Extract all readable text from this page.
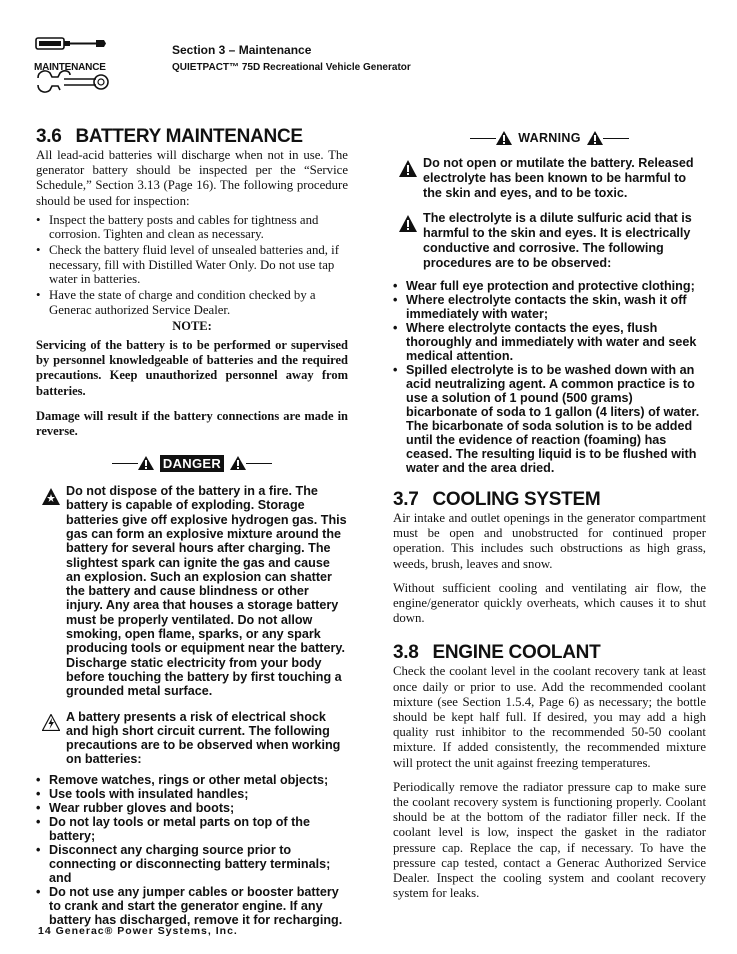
MAINTENANCE
Section 3 – Maintenance
QUIETPACT™ 75D Recreational Vehicle Generator
3.6 BATTERY MAINTENANCE

All lead-acid batteries will discharge when not in use. The generator battery should be inspected per the “Service Schedule,” Section 3.13 (Page 16). The following procedure should be used for inspection:

• Inspect the battery posts and cables for tightness and corrosion. Tighten and clean as necessary.
• Check the battery fluid level of unsealed batteries and, if necessary, fill with Distilled Water Only. Do not use tap water in batteries.
• Have the state of charge and condition checked by a Generac authorized Service Dealer.

NOTE:

Servicing of the battery is to be performed or supervised by personnel knowledgeable of batteries and the required precautions. Keep unauthorized personnel away from batteries.

Damage will result if the battery connections are made in reverse.

DANGER

Do not dispose of the battery in a fire. The battery is capable of exploding. Storage batteries give off explosive hydrogen gas. This gas can form an explosive mixture around the battery for several hours after charging. The slightest spark can ignite the gas and cause an explosion. Such an explosion can shatter the battery and cause blindness or other injury. Any area that houses a storage battery must be properly ventilated. Do not allow smoking, open flame, sparks, or any spark producing tools or equipment near the battery. Discharge static electricity from your body before touching the battery by first touching a grounded metal surface.

A battery presents a risk of electrical shock and high short circuit current. The following precautions are to be observed when working on batteries:

• Remove watches, rings or other metal objects;
• Use tools with insulated handles;
• Wear rubber gloves and boots;
• Do not lay tools or metal parts on top of the battery;
• Disconnect any charging source prior to connecting or disconnecting battery terminals; and
• Do not use any jumper cables or booster battery to crank and start the generator engine. If any battery has discharged, remove it for recharging.
WARNING

Do not open or mutilate the battery. Released electrolyte has been known to be harmful to the skin and eyes, and to be toxic.

The electrolyte is a dilute sulfuric acid that is harmful to the skin and eyes. It is electrically conductive and corrosive. The following procedures are to be observed:

• Wear full eye protection and protective clothing;
• Where electrolyte contacts the skin, wash it off immediately with water;
• Where electrolyte contacts the eyes, flush thoroughly and immediately with water and seek medical attention.
• Spilled electrolyte is to be washed down with an acid neutralizing agent. A common practice is to use a solution of 1 pound (500 grams) bicarbonate of soda to 1 gallon (4 liters) of water. The bicarbonate of soda solution is to be added until the evidence of reaction (foaming) has ceased. The resulting liquid is to be flushed with water and the area dried.
3.7 COOLING SYSTEM

Air intake and outlet openings in the generator compartment must be open and unobstructed for continued proper operation. This includes such obstructions as high grass, weeds, brush, leaves and snow.

Without sufficient cooling and ventilating air flow, the engine/generator quickly overheats, which causes it to shut down.

3.8 ENGINE COOLANT

Check the coolant level in the coolant recovery tank at least once daily or prior to use. Add the recommended coolant mixture (see Section 1.5.4, Page 6) as necessary; the bottle should be kept half full. If desired, you may add a high quality rust inhibitor to the recommended 50-50 coolant mixture. If added consistently, the recommended mixture will protect the unit against freezing temperatures.

Periodically remove the radiator pressure cap to make sure the coolant recovery system is functioning properly. Coolant should be at the bottom of the radiator filler neck. If the coolant level is low, inspect the gasket in the radiator pressure cap. Replace the cap, if necessary. To have the pressure cap tested, contact a Generac Authorized Service Dealer. Inspect the cooling system and coolant recovery system for leaks.

14 Generac® Power Systems, Inc.
